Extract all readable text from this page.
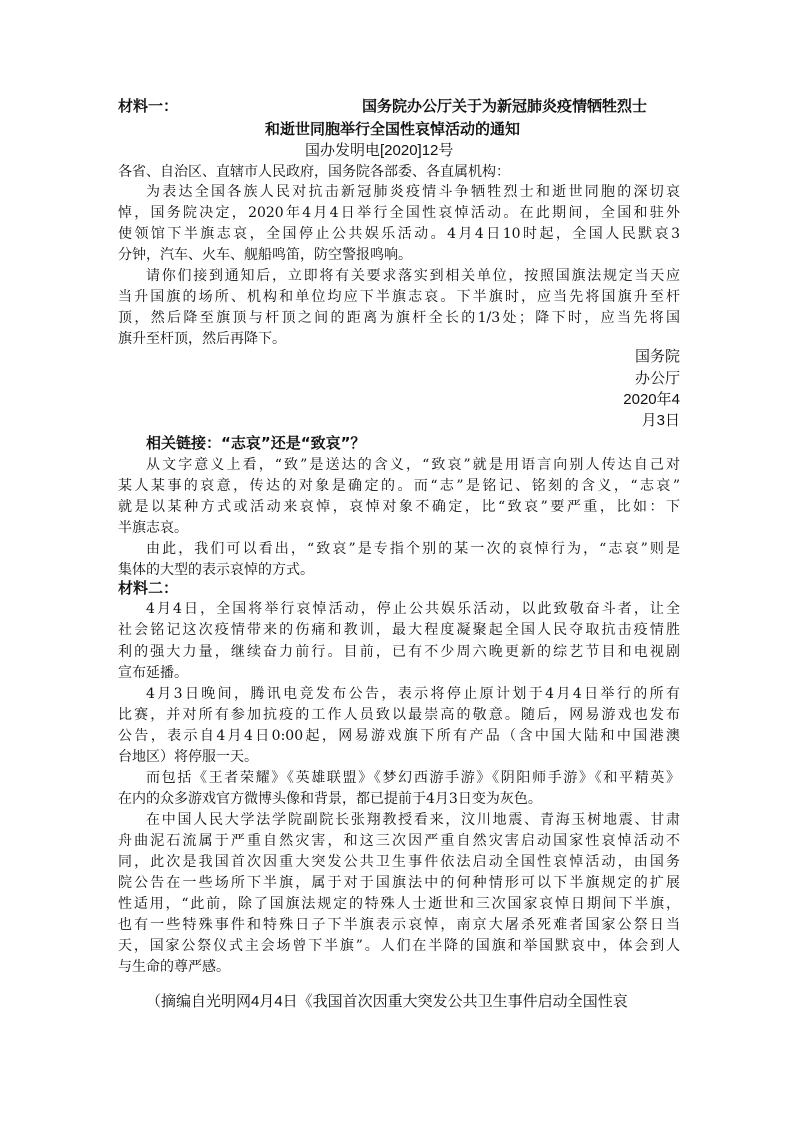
材料一：	国务院办公厅关于为新冠肺炎疫情牺牲烈士
和逝世同胞举行全国性哀悼活动的通知
国办发明电[2020]12号
各省、自治区、直辖市人民政府，国务院各部委、各直属机构：
为表达全国各族人民对抗击新冠肺炎疫情斗争牺牲烈士和逝世同胞的深切哀
悼，国务院决定，2020年4月4日举行全国性哀悼活动。在此期间，全国和驻外
使领馆下半旗志哀，全国停止公共娱乐活动。4月4日10时起，全国人民默哀3
分钟，汽车、火车、舰船鸣笛，防空警报鸣响。
请你们接到通知后，立即将有关要求落实到相关单位，按照国旗法规定当天应
当升国旗的场所、机构和单位均应下半旗志哀。下半旗时，应当先将国旗升至杆
顶，然后降至旗顶与杆顶之间的距离为旗杆全长的1/3处；降下时，应当先将国
旗升至杆顶，然后再降下。
国务院
办公厅
2020年4
月3日
相关链接：“志哀”还是“致哀”？
从文字意义上看，“致”是送达的含义，“致哀”就是用语言向别人传达自己对
某人某事的哀意，传达的对象是确定的。而“志”是铭记、铭刻的含义，“志哀”
就是以某种方式或活动来哀悼，哀悼对象不确定，比“致哀”要严重，比如：下
半旗志哀。
由此，我们可以看出，“致哀”是专指个别的某一次的哀悼行为，“志哀”则是
集体的大型的表示哀悼的方式。
材料二：
4月4日，全国将举行哀悼活动，停止公共娱乐活动，以此致敬奋斗者，让全
社会铭记这次疫情带来的伤痛和教训，最大程度凝聚起全国人民夺取抗击疫情胜
利的强大力量，继续奋力前行。目前，已有不少周六晚更新的综艺节目和电视剧
宣布延播。
4月3日晚间，腾讯电竞发布公告，表示将停止原计划于4月4日举行的所有
比赛，并对所有参加抗疫的工作人员致以最崇高的敬意。随后，网易游戏也发布
公告，表示自4月4日0:00起，网易游戏旗下所有产品（含中国大陆和中国港澳
台地区）将停服一天。
而包括《王者荣耀》《英雄联盟》《梦幻西游手游》《阴阳师手游》《和平精英》
在内的众多游戏官方微博头像和背景，都已提前于4月3日变为灰色。
在中国人民大学法学院副院长张翔教授看来，汶川地震、青海玉树地震、甘肃
舟曲泥石流属于严重自然灾害，和这三次因严重自然灾害启动国家性哀悼活动不
同，此次是我国首次因重大突发公共卫生事件依法启动全国性哀悼活动，由国务
院公告在一些场所下半旗，属于对于国旗法中的何种情形可以下半旗规定的扩展
性适用，“此前，除了国旗法规定的特殊人士逝世和三次国家哀悼日期间下半旗，
也有一些特殊事件和特殊日子下半旗表示哀悼，南京大屠杀死难者国家公祭日当
天，国家公祭仪式主会场曾下半旗”。人们在半降的国旗和举国默哀中，体会到人
与生命的尊严感。
（摘编自光明网4月4日《我国首次因重大突发公共卫生事件启动全国性哀
